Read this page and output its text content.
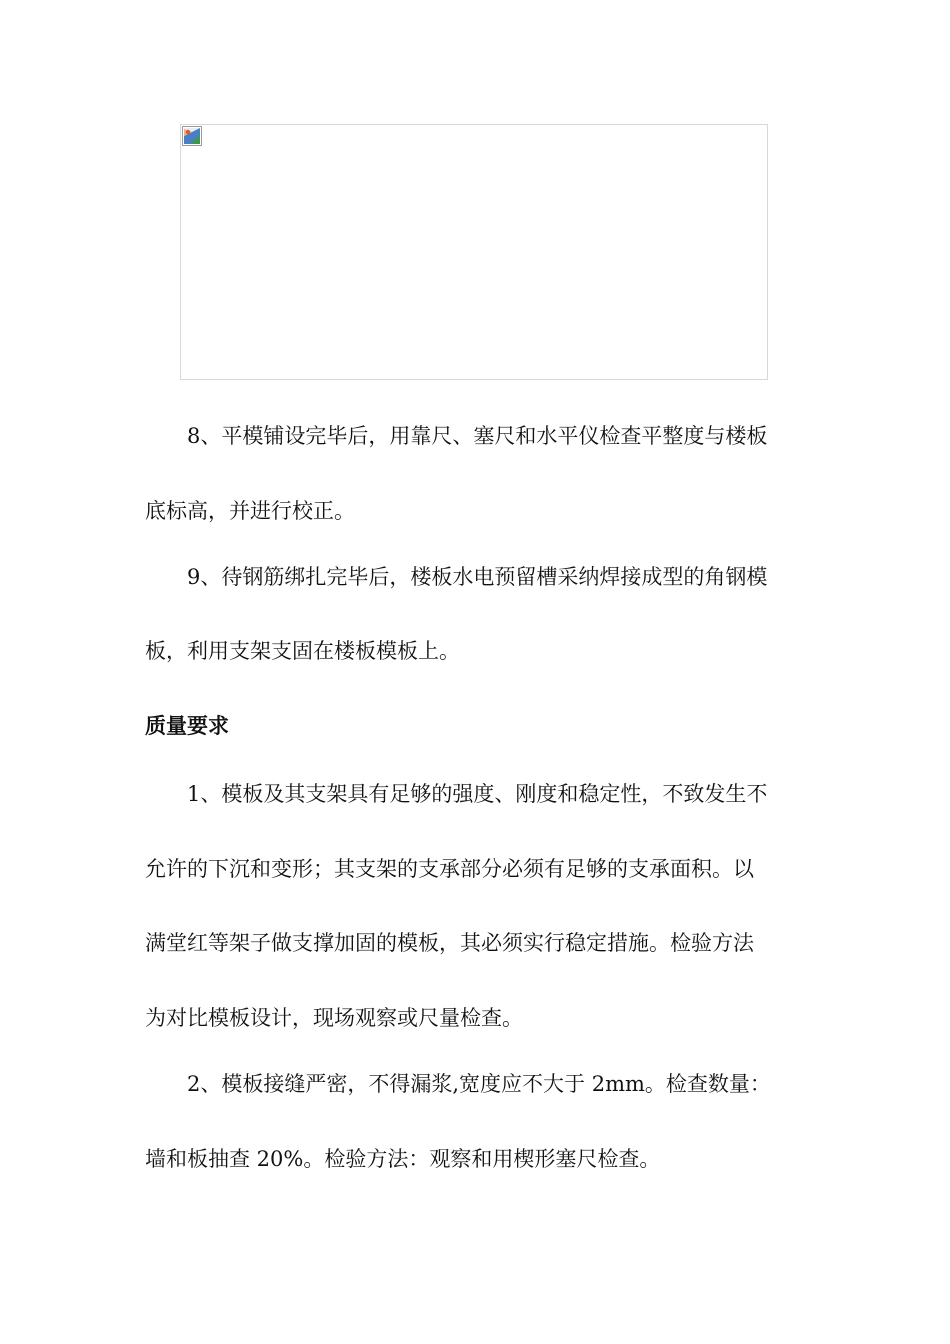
　　8、平模铺设完毕后，用靠尺、塞尺和水平仪检查平整度与楼板
底标高，并进行校正。
　　9、待钢筋绑扎完毕后，楼板水电预留槽采纳焊接成型的角钢模
板，利用支架支固在楼板模板上。
质量要求
　　1、模板及其支架具有足够的强度、刚度和稳定性，不致发生不
允许的下沉和变形；其支架的支承部分必须有足够的支承面积。以
满堂红等架子做支撑加固的模板，其必须实行稳定措施。检验方法
为对比模板设计，现场观察或尺量检查。
　　2、模板接缝严密，不得漏浆,宽度应不大于 2mm。检查数量：
墙和板抽查 20%。检验方法：观察和用楔形塞尺检查。
